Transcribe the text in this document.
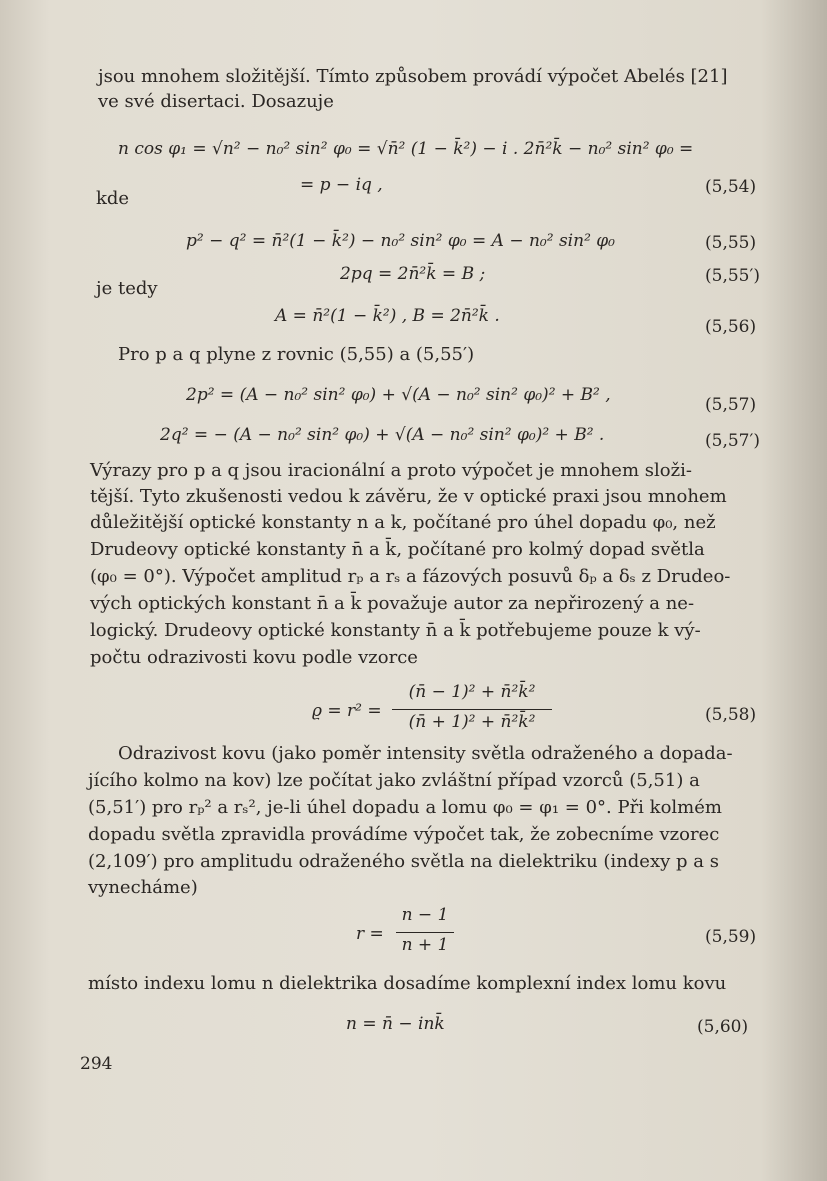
jsou mnohem složitější. Tímto způsobem provádí výpočet Abelés [21]
ve své disertaci. Dosazuje
n cos φ₁ = √n² − n₀² sin² φ₀ = √n̄² (1 − k̄²) − i . 2n̄²k̄ − n₀² sin² φ₀ =
= p − iq ,	(5,54)
kde
p² − q² = n̄²(1 − k̄²) − n₀² sin² φ₀ = A − n₀² sin² φ₀	(5,55)
2pq = 2n̄²k̄ = B ;	(5,55′)
je tedy
A = n̄²(1 − k̄²) , B = 2n̄²k̄ .
(5,56)
Pro p a q plyne z rovnic (5,55) a (5,55′)
2p² = (A − n₀² sin² φ₀) + √(A − n₀² sin² φ₀)² + B² ,	(5,57)
2q² = − (A − n₀² sin² φ₀) + √(A − n₀² sin² φ₀)² + B² .	(5,57′)
Výrazy pro p a q jsou iracionální a proto výpočet je mnohem složi-
tější. Tyto zkušenosti vedou k závěru, že v optické praxi jsou mnohem
důležitější optické konstanty n a k, počítané pro úhel dopadu φ₀, než
Drudeovy optické konstanty n̄ a k̄, počítané pro kolmý dopad světla
(φ₀ = 0°). Výpočet amplitud rₚ a rₛ a fázových posuvů δₚ a δₛ z Drudeo-
vých optických konstant n̄ a k̄ považuje autor za nepřirozený a ne-
logický. Drudeovy optické konstanty n̄ a k̄ potřebujeme pouze k vý-
počtu odrazivosti kovu podle vzorce
ϱ = r² =
(n̄ − 1)² + n̄²k̄²
(n̄ + 1)² + n̄²k̄²	(5,58)
Odrazivost kovu (jako poměr intensity světla odraženého a dopada-
jícího kolmo na kov) lze počítat jako zvláštní případ vzorců (5,51) a
(5,51′) pro rₚ² a rₛ², je-li úhel dopadu a lomu φ₀ = φ₁ = 0°. Při kolmém
dopadu světla zpravidla provádíme výpočet tak, že zobecníme vzorec
(2,109′) pro amplitudu odraženého světla na dielektriku (indexy p a s
vynecháme)
r =
n − 1
n + 1	(5,59)
místo indexu lomu n dielektrika dosadíme komplexní index lomu kovu
n = n̄ − ink̄	(5,60)
294
